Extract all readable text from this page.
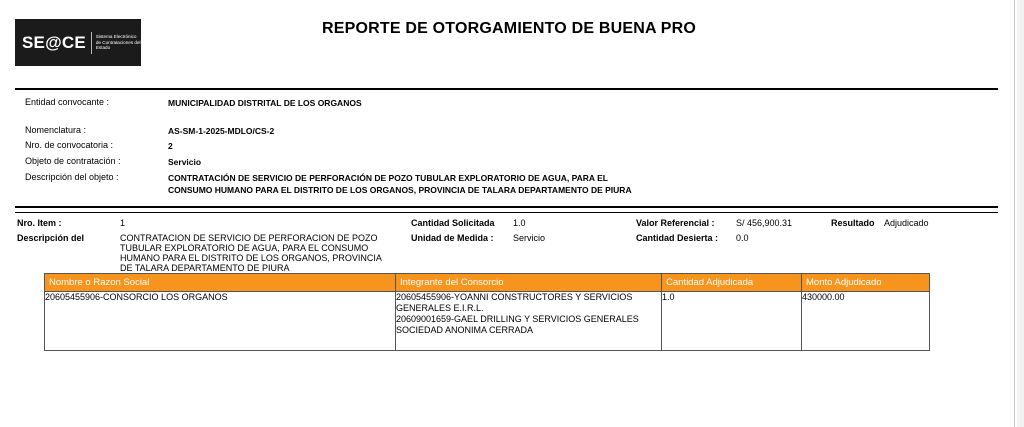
SE@CE Sistema Electrónico de Contrataciones del Estado
REPORTE DE OTORGAMIENTO DE BUENA PRO
Entidad convocante :	MUNICIPALIDAD DISTRITAL DE LOS ORGANOS
Nomenclatura :	AS-SM-1-2025-MDLO/CS-2
Nro. de convocatoria :	2
Objeto de contratación :	Servicio
Descripción del objeto :	CONTRATACIÓN DE SERVICIO DE PERFORACIÓN DE POZO TUBULAR EXPLORATORIO DE AGUA, PARA EL
CONSUMO HUMANO PARA EL DISTRITO DE LOS ORGANOS, PROVINCIA DE TALARA DEPARTAMENTO DE PIURA
Nro. Item :	1
Descripción del	CONTRATACION DE SERVICIO DE PERFORACION DE POZO
TUBULAR EXPLORATORIO DE AGUA, PARA EL CONSUMO
HUMANO PARA EL DISTRITO DE LOS ORGANOS, PROVINCIA
DE TALARA DEPARTAMENTO DE PIURA
Cantidad Solicitada 1.0
Unidad de Medida : Servicio
Valor Referencial : S/ 456,900.31
Cantidad Desierta : 0.0
Resultado Adjudicado
Nombre o Razon Social	Integrante del Consorcio	Cantidad Adjudicada	Monto Adjudicado
20605455906-CONSORCIO LOS ORGANOS	20605455906-YOANNI CONSTRUCTORES Y SERVICIOS
GENERALES E.I.R.L.
20609001659-GAEL DRILLING Y SERVICIOS GENERALES
SOCIEDAD ANONIMA CERRADA	1.0	430000.00
